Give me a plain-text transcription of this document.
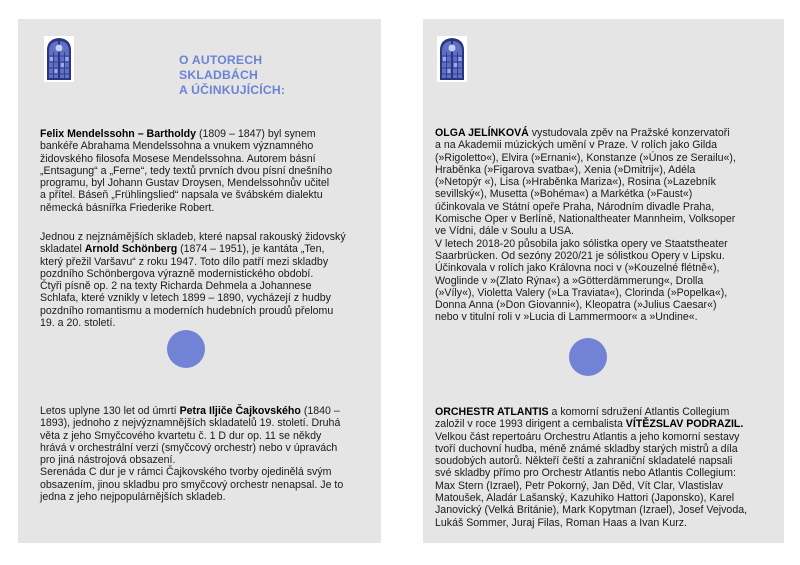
O AUTORECH
SKLADBÁCH
A ÚČINKUJÍCÍCH:

Felix Mendelssohn – Bartholdy (1809 – 1847) byl synem
bankéře Abrahama Mendelssohna a vnukem významného
židovského filosofa Mosese Mendelssohna. Autorem básní
„Entsagung“ a „Ferne“, tedy textů prvních dvou písní dnešního
programu, byl Johann Gustav Droysen, Mendelssohnův učitel
a přítel. Báseň „Frühlingslied“ napsala ve švábském dialektu
německá básnířka Friederike Robert.

Jednou z nejznámějších skladeb, které napsal rakouský židovský
skladatel Arnold Schönberg (1874 – 1951), je kantáta „Ten,
který přežil Varšavu“ z roku 1947. Toto dílo patří mezi skladby
pozdního Schönbergova výrazně modernistického období.
Čtyři písně op. 2 na texty Richarda Dehmela a Johannese
Schlafa, které vznikly v letech 1899 – 1890, vycházejí z hudby
pozdního romantismu a moderních hudebních proudů přelomu
19. a 20. století.

Letos uplyne 130 let od úmrtí Petra Iljiče Čajkovského (1840 –
1893), jednoho z nejvýznamnějších skladatelů 19. století. Druhá
věta z jeho Smyčcového kvartetu č. 1 D dur op. 11 se někdy
hrává v orchestrální verzi (smyčcový orchestr) nebo v úpravách
pro jiná nástrojová obsazení.
Serenáda C dur je v rámci Čajkovského tvorby ojedinělá svým
obsazením, jinou skladbu pro smyčcový orchestr nenapsal. Je to
jedna z jeho nejpopulárnějších skladeb.

OLGA JELÍNKOVÁ vystudovala zpěv na Pražské konzervatoři
a na Akademii múzických umění v Praze. V rolích jako Gilda
(»Rigoletto«), Elvira (»Ernani«), Konstanze (»Únos ze Serailu«),
Hraběnka (»Figarova svatba«), Xenia (»Dmitrij«), Adéla
(»Netopýr «), Lisa (»Hraběnka Mariza«), Rosina (»Lazebník
sevillský«), Musetta (»Bohéma«) a Markétka (»Faust«)
účinkovala ve Státní opeře Praha, Národním divadle Praha,
Komische Oper v Berlíně, Nationaltheater Mannheim, Volksoper
ve Vídni, dále v Soulu a USA.
V letech 2018-20 působila jako sólistka opery ve Staatstheater
Saarbrücken. Od sezóny 2020/21 je sólistkou Opery v Lipsku.
Účinkovala v rolích jako Královna noci v (»Kouzelné flétně«),
Woglinde v »(Zlato Rýna«) a »Götterdämmerung«, Drolla
(»Víly«), Violetta Valery (»La Traviata«), Clorinda (»Popelka«),
Donna Anna (»Don Giovanni«), Kleopatra (»Julius Caesar«)
nebo v titulní roli v »Lucia di Lammermoor« a »Undine«.

ORCHESTR ATLANTIS a komorní sdružení Atlantis Collegium
založil v roce 1993 dirigent a cembalista VÍTĚZSLAV PODRAZIL.
Velkou část repertoáru Orchestru Atlantis a jeho komorní sestavy
tvoří duchovní hudba, méně známé skladby starých mistrů a díla
soudobých autorů. Někteří čeští a zahraniční skladatelé napsali
své skladby přímo pro Orchestr Atlantis nebo Atlantis Collegium:
Max Stern (Izrael), Petr Pokorný, Jan Děd, Vít Clar, Vlastislav
Matoušek, Aladár Lašanský, Kazuhiko Hattori (Japonsko), Karel
Janovický (Velká Británie), Mark Kopytman (Izrael), Josef Vejvoda,
Lukáš Sommer, Juraj Filas, Roman Haas a Ivan Kurz.
